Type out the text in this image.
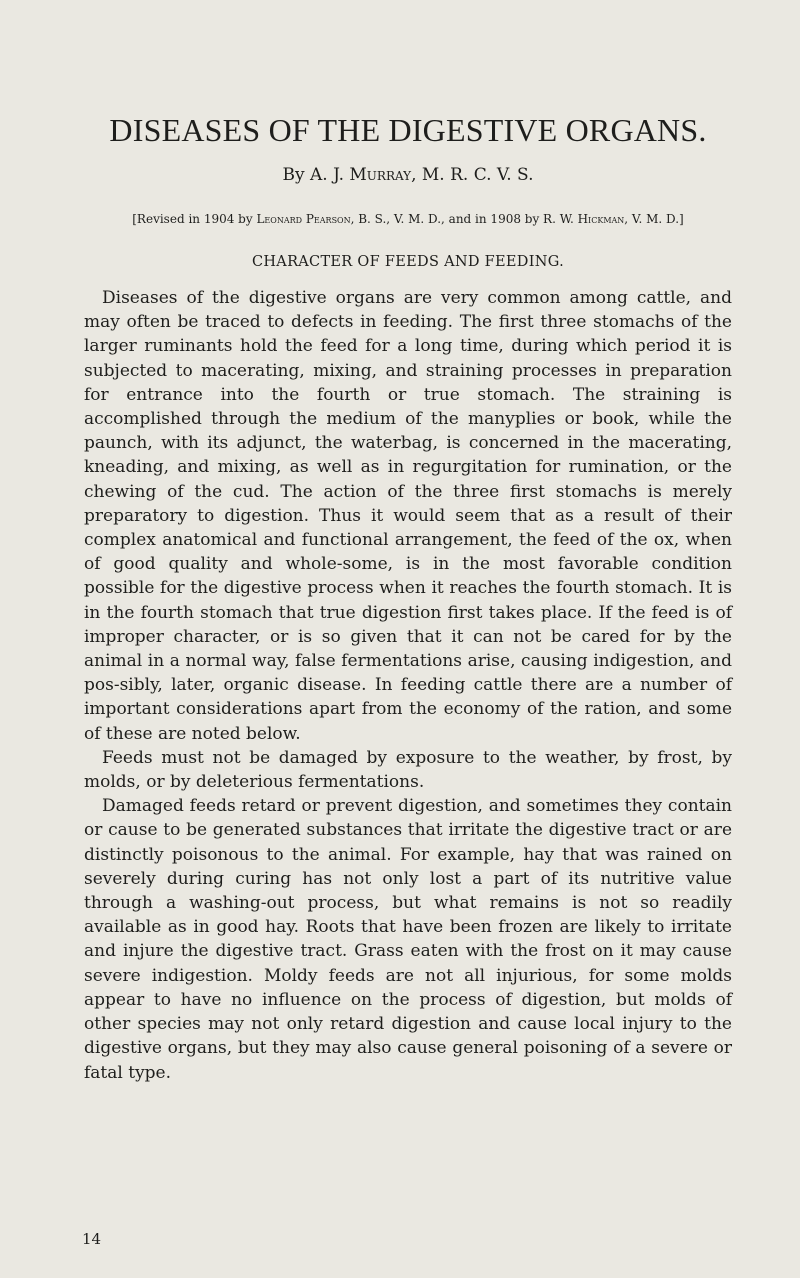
DISEASES OF THE DIGESTIVE ORGANS.
By A. J. Murray, M. R. C. V. S.
[Revised in 1904 by Leonard Pearson, B. S., V. M. D., and in 1908 by R. W. Hickman, V. M. D.]
CHARACTER OF FEEDS AND FEEDING.

Diseases of the digestive organs are very common among cattle, and may often be traced to defects in feeding. The first three stomachs of the larger ruminants hold the feed for a long time, during which period it is subjected to macerating, mixing, and straining processes in preparation for entrance into the fourth or true stomach. The straining is accomplished through the medium of the manyplies or book, while the paunch, with its adjunct, the waterbag, is concerned in the macerating, kneading, and mixing, as well as in regurgitation for rumination, or the chewing of the cud. The action of the three first stomachs is merely preparatory to digestion. Thus it would seem that as a result of their complex anatomical and functional arrangement, the feed of the ox, when of good quality and whole-some, is in the most favorable condition possible for the digestive process when it reaches the fourth stomach. It is in the fourth stomach that true digestion first takes place. If the feed is of improper character, or is so given that it can not be cared for by the animal in a normal way, false fermentations arise, causing indigestion, and pos-sibly, later, organic disease. In feeding cattle there are a number of important considerations apart from the economy of the ration, and some of these are noted below.

Feeds must not be damaged by exposure to the weather, by frost, by molds, or by deleterious fermentations.

Damaged feeds retard or prevent digestion, and sometimes they contain or cause to be generated substances that irritate the digestive tract or are distinctly poisonous to the animal. For example, hay that was rained on severely during curing has not only lost a part of its nutritive value through a washing-out process, but what remains is not so readily available as in good hay. Roots that have been frozen are likely to irritate and injure the digestive tract. Grass eaten with the frost on it may cause severe indigestion. Moldy feeds are not all injurious, for some molds appear to have no influence on the process of digestion, but molds of other species may not only retard digestion and cause local injury to the digestive organs, but they may also cause general poisoning of a severe or fatal type.

14
